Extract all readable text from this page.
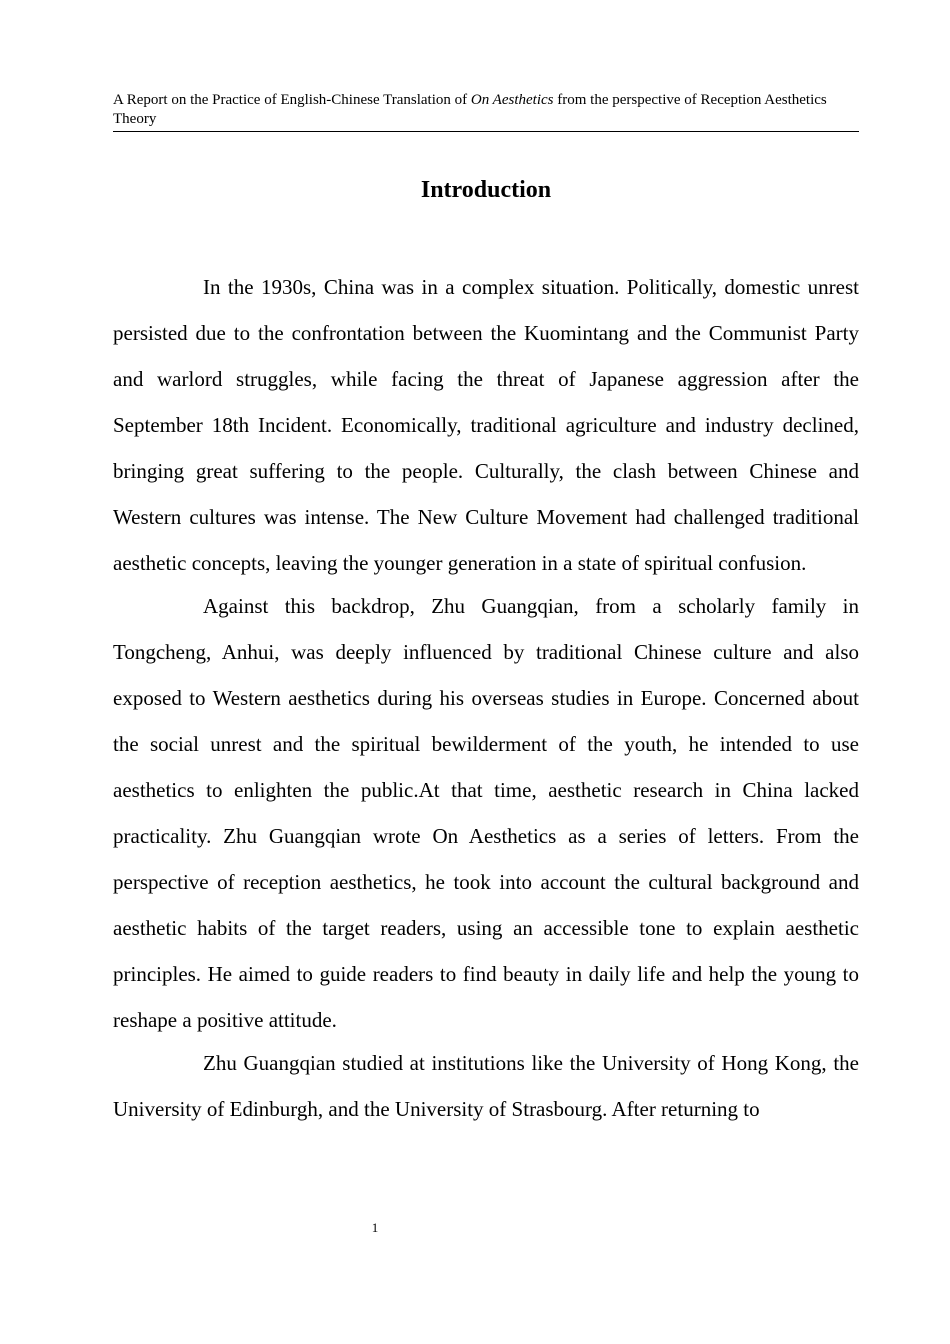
A Report on the Practice of English-Chinese Translation of On Aesthetics from the perspective of Reception Aesthetics Theory
Introduction

In the 1930s, China was in a complex situation. Politically, domestic unrest persisted due to the confrontation between the Kuomintang and the Communist Party and warlord struggles, while facing the threat of Japanese aggression after the September 18th Incident. Economically, traditional agriculture and industry declined, bringing great suffering to the people. Culturally, the clash between Chinese and Western cultures was intense. The New Culture Movement had challenged traditional aesthetic concepts, leaving the younger generation in a state of spiritual confusion.

Against this backdrop, Zhu Guangqian, from a scholarly family in Tongcheng, Anhui, was deeply influenced by traditional Chinese culture and also exposed to Western aesthetics during his overseas studies in Europe. Concerned about the social unrest and the spiritual bewilderment of the youth, he intended to use aesthetics to enlighten the public.At that time, aesthetic research in China lacked practicality. Zhu Guangqian wrote On Aesthetics as a series of letters. From the perspective of reception aesthetics, he took into account the cultural background and aesthetic habits of the target readers, using an accessible tone to explain aesthetic principles. He aimed to guide readers to find beauty in daily life and help the young to reshape a positive attitude.

Zhu Guangqian studied at institutions like the University of Hong Kong, the University of Edinburgh, and the University of Strasbourg. After returning to

1
